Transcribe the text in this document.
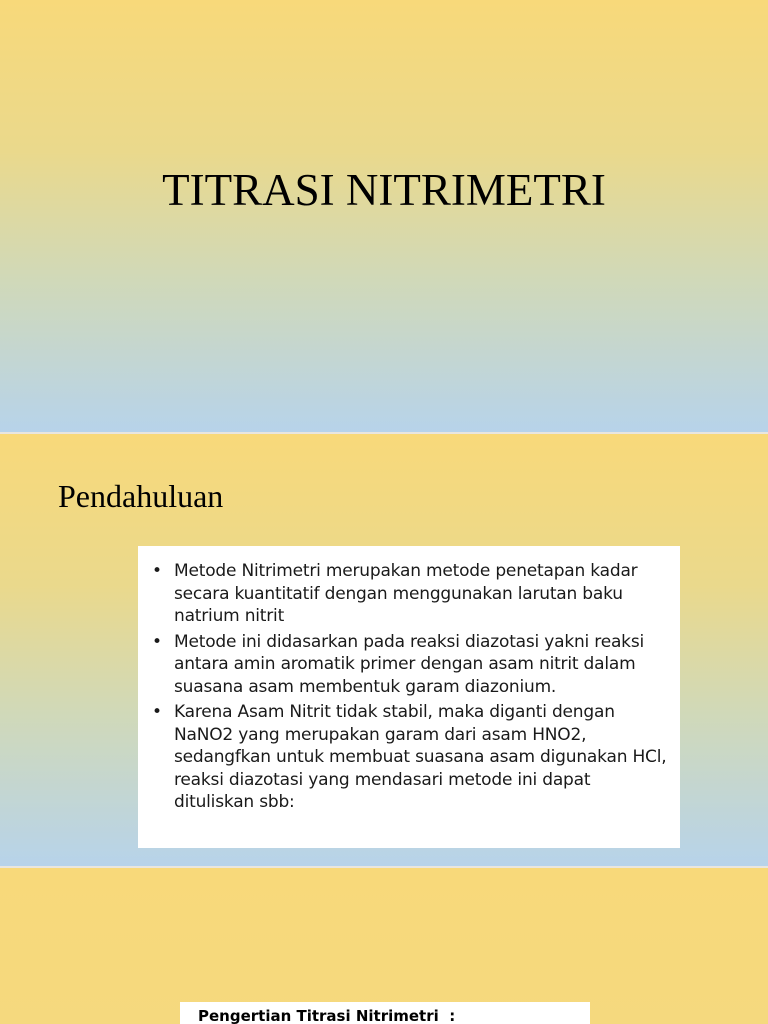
TITRASI NITRIMETRI
Pendahuluan
• Metode Nitrimetri merupakan metode penetapan kadar secara kuantitatif dengan menggunakan larutan baku natrium nitrit
• Metode ini didasarkan pada reaksi diazotasi yakni reaksi antara amin aromatik primer dengan asam nitrit dalam suasana asam membentuk garam diazonium.
• Karena Asam Nitrit tidak stabil, maka diganti dengan NaNO2 yang merupakan garam dari asam HNO2, sedangfkan untuk membuat suasana asam digunakan HCl, reaksi diazotasi yang mendasari metode ini dapat dituliskan sbb:
Pengertian Titrasi Nitrimetri  :
